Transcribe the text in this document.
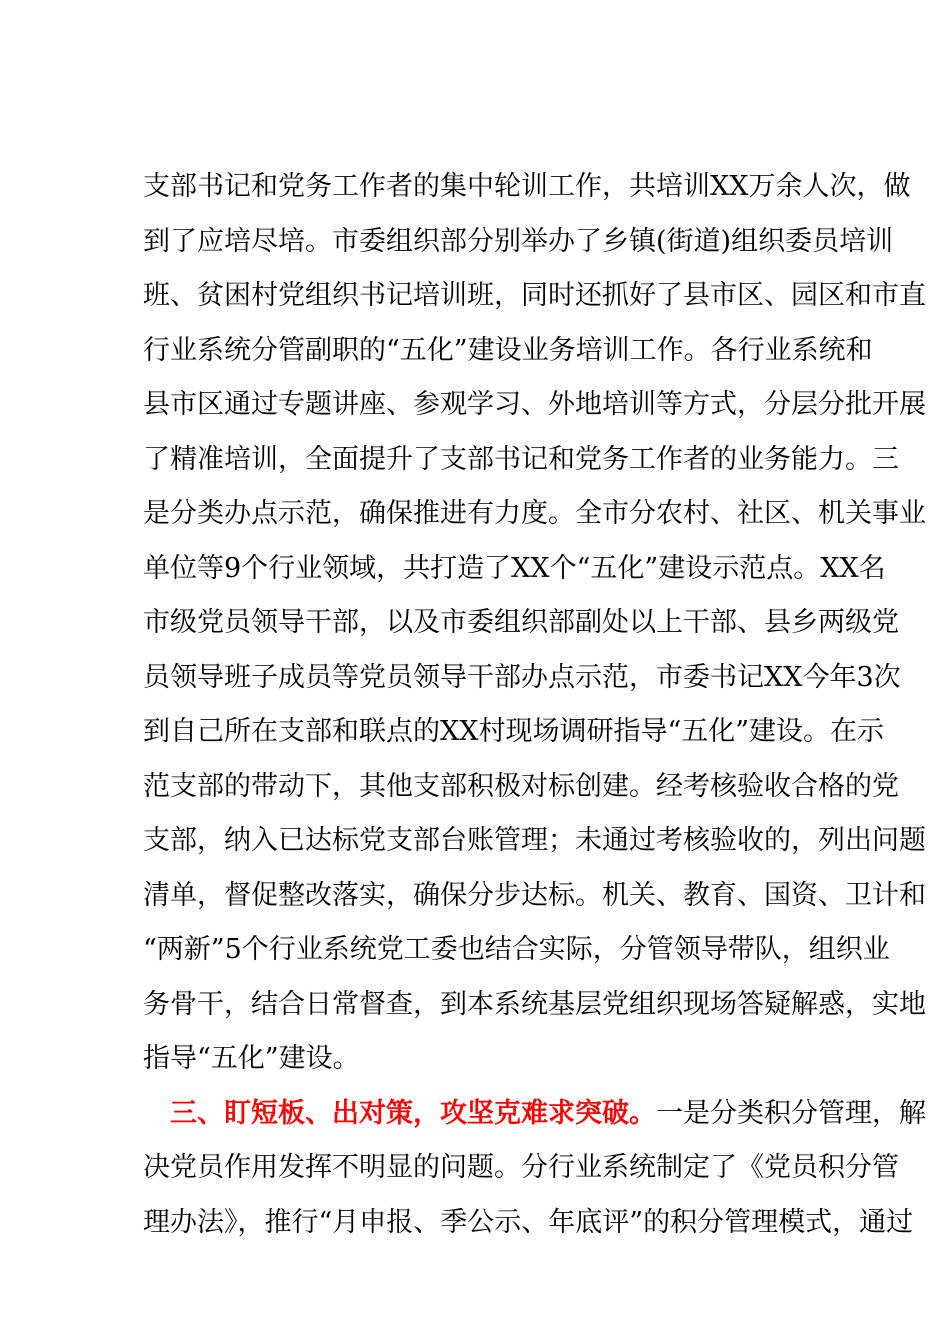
支部书记和党务工作者的集中轮训工作，共培训XX万余人次，做
到了应培尽培。市委组织部分别举办了乡镇(街道)组织委员培训
班、贫困村党组织书记培训班，同时还抓好了县市区、园区和市直
行业系统分管副职的“五化”建设业务培训工作。各行业系统和
县市区通过专题讲座、参观学习、外地培训等方式，分层分批开展
了精准培训，全面提升了支部书记和党务工作者的业务能力。三
是分类办点示范，确保推进有力度。全市分农村、社区、机关事业
单位等9个行业领域，共打造了XX个“五化”建设示范点。XX名
市级党员领导干部，以及市委组织部副处以上干部、县乡两级党
员领导班子成员等党员领导干部办点示范，市委书记XX今年3次
到自己所在支部和联点的XX村现场调研指导“五化”建设。在示
范支部的带动下，其他支部积极对标创建。经考核验收合格的党
支部，纳入已达标党支部台账管理；未通过考核验收的，列出问题
清单，督促整改落实，确保分步达标。机关、教育、国资、卫计和
“两新”5个行业系统党工委也结合实际，分管领导带队，组织业
务骨干，结合日常督查，到本系统基层党组织现场答疑解惑，实地
指导“五化”建设。
三、盯短板、出对策，攻坚克难求突破。一是分类积分管理，解
决党员作用发挥不明显的问题。分行业系统制定了《党员积分管
理办法》，推行“月申报、季公示、年底评”的积分管理模式，通过
